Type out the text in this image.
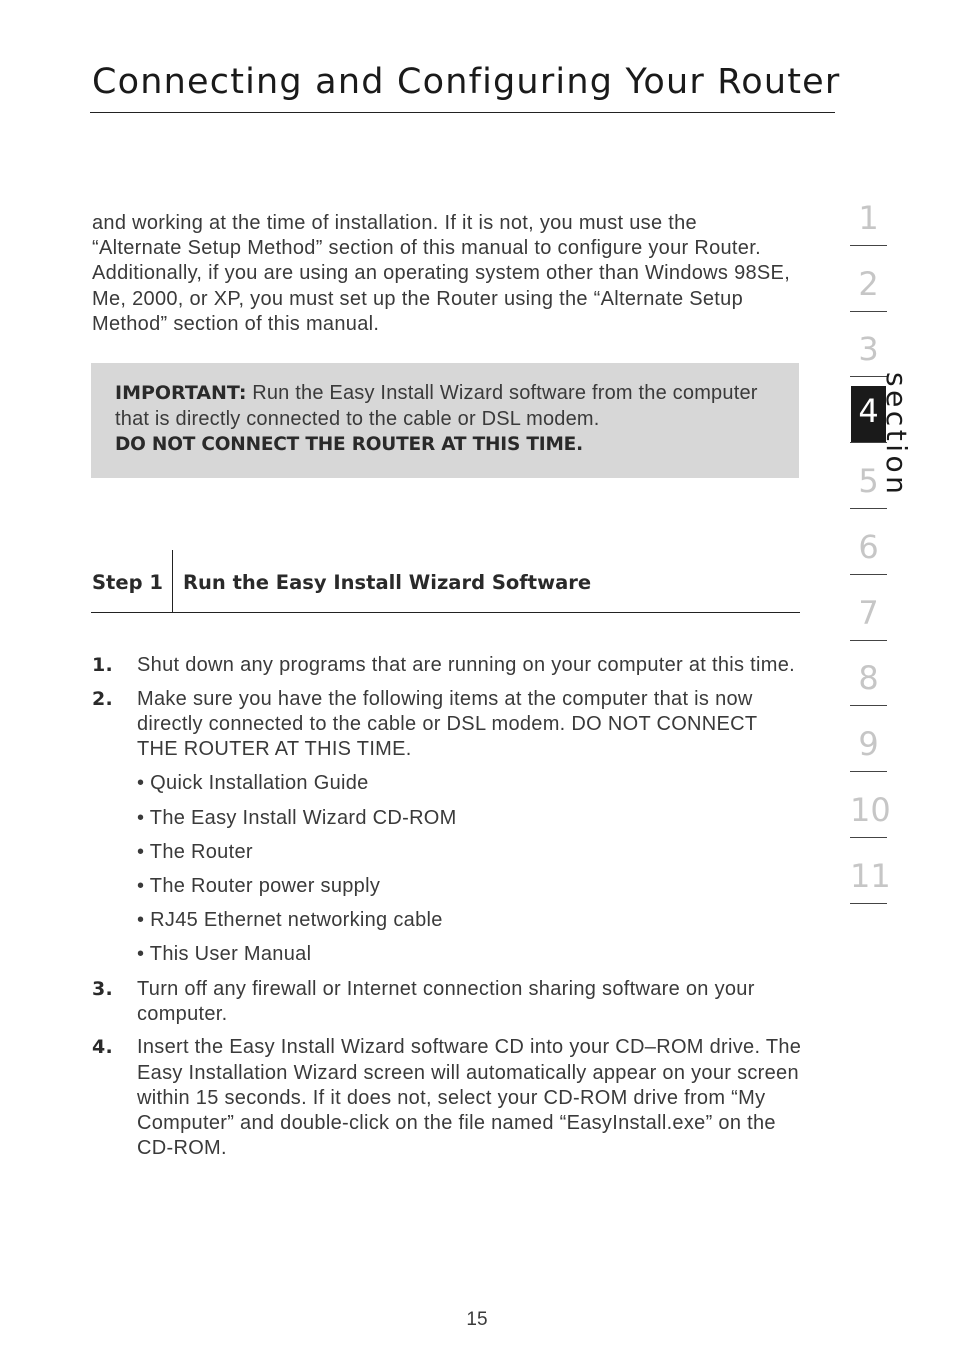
Connecting and Configuring Your Router

and working at the time of installation. If it is not, you must use the “Alternate Setup Method” section of this manual to configure your Router. Additionally, if you are using an operating system other than Windows 98SE, Me, 2000, or XP, you must set up the Router using the “Alternate Setup Method” section of this manual.

IMPORTANT: Run the Easy Install Wizard software from the computer that is directly connected to the cable or DSL modem.
DO NOT CONNECT THE ROUTER AT THIS TIME.
Step 1 Run the Easy Install Wizard Software
1. Shut down any programs that are running on your computer at this time.
2. Make sure you have the following items at the computer that is now directly connected to the cable or DSL modem. DO NOT CONNECT THE ROUTER AT THIS TIME.
• Quick Installation Guide
• The Easy Install Wizard CD-ROM
• The Router
• The Router power supply
• RJ45 Ethernet networking cable
• This User Manual
3. Turn off any firewall or Internet connection sharing software on your computer.
4. Insert the Easy Install Wizard software CD into your CD–ROM drive. The Easy Installation Wizard screen will automatically appear on your screen within 15 seconds. If it does not, select your CD-ROM drive from “My Computer” and double-click on the file named “EasyInstall.exe” on the CD-ROM.
1
2
3
4
5
6
7
8
9
10
11
section
15
